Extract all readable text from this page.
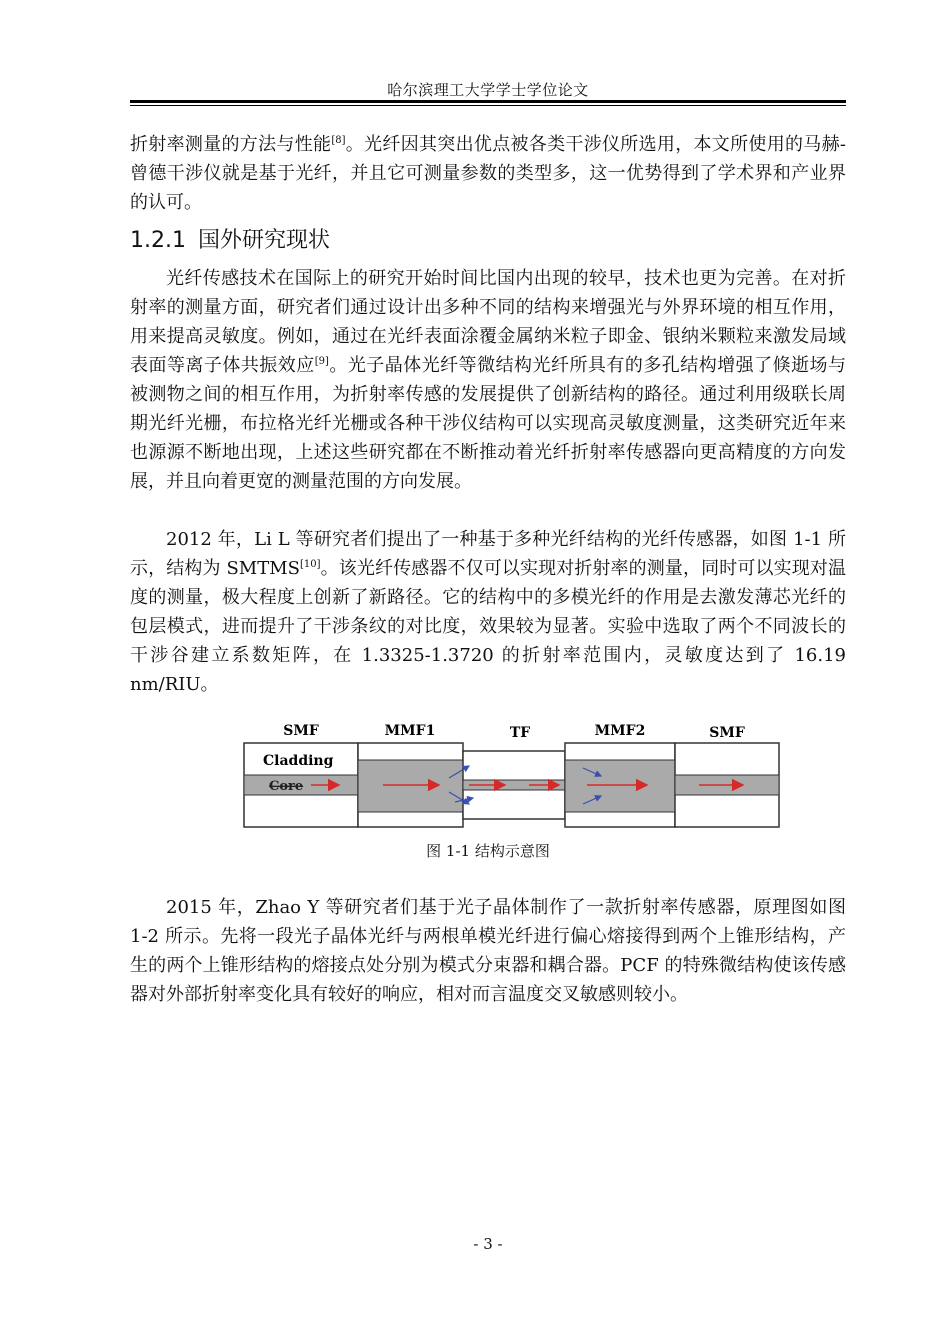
哈尔滨理工大学学士学位论文
折射率测量的方法与性能[8]。光纤因其突出优点被各类干涉仪所选用，本文所使用的马赫-曾德干涉仪就是基于光纤，并且它可测量参数的类型多，这一优势得到了学术界和产业界的认可。
1.2.1 国外研究现状
光纤传感技术在国际上的研究开始时间比国内出现的较早，技术也更为完善。在对折射率的测量方面，研究者们通过设计出多种不同的结构来增强光与外界环境的相互作用，用来提高灵敏度。例如，通过在光纤表面涂覆金属纳米粒子即金、银纳米颗粒来激发局域表面等离子体共振效应[9]。光子晶体光纤等微结构光纤所具有的多孔结构增强了倏逝场与被测物之间的相互作用，为折射率传感的发展提供了创新结构的路径。通过利用级联长周期光纤光栅，布拉格光纤光栅或各种干涉仪结构可以实现高灵敏度测量，这类研究近年来也源源不断地出现，上述这些研究都在不断推动着光纤折射率传感器向更高精度的方向发展，并且向着更宽的测量范围的方向发展。
2012 年，Li L 等研究者们提出了一种基于多种光纤结构的光纤传感器，如图 1-1 所示，结构为 SMTMS[10]。该光纤传感器不仅可以实现对折射率的测量，同时可以实现对温度的测量，极大程度上创新了新路径。它的结构中的多模光纤的作用是去激发薄芯光纤的包层模式，进而提升了干涉条纹的对比度，效果较为显著。实验中选取了两个不同波长的干涉谷建立系数矩阵，在 1.3325-1.3720 的折射率范围内，灵敏度达到了 16.19 nm/RIU。
SMF	MMF1	TF	MMF2	SMF
Cladding
Core
图 1-1 结构示意图
2015 年，Zhao Y 等研究者们基于光子晶体制作了一款折射率传感器，原理图如图 1-2 所示。先将一段光子晶体光纤与两根单模光纤进行偏心熔接得到两个上锥形结构，产生的两个上锥形结构的熔接点处分别为模式分束器和耦合器。PCF 的特殊微结构使该传感器对外部折射率变化具有较好的响应，相对而言温度交叉敏感则较小。
- 3 -
